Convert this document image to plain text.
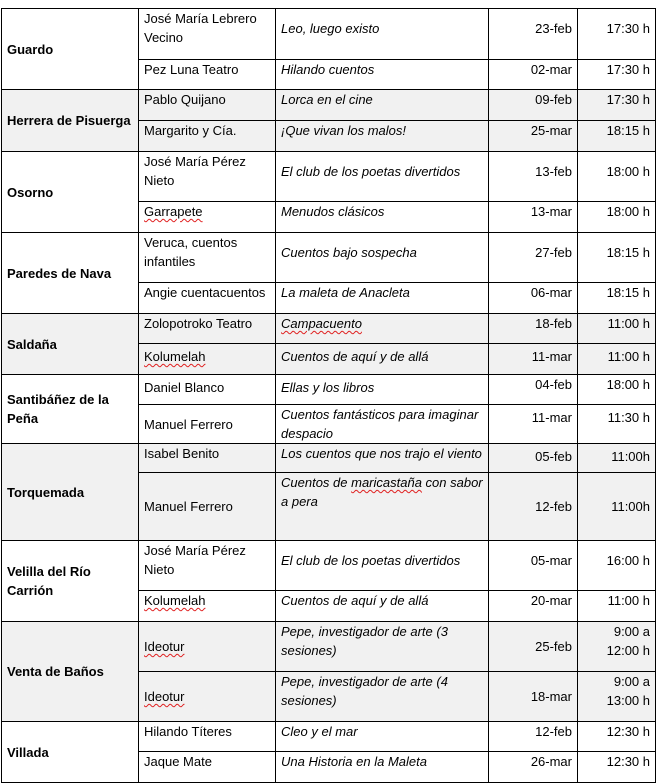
Guardo	José María Lebrero Vecino	Leo, luego existo	23-feb	17:30 h
	Pez Luna Teatro	Hilando cuentos	02-mar	17:30 h
Herrera de Pisuerga	Pablo Quijano	Lorca en el cine	09-feb	17:30 h
	Margarito y Cía.	¡Que vivan los malos!	25-mar	18:15 h
Osorno	José María Pérez Nieto	El club de los poetas divertidos	13-feb	18:00 h
	Garrapete	Menudos clásicos	13-mar	18:00 h
Paredes de Nava	Veruca, cuentos infantiles	Cuentos bajo sospecha	27-feb	18:15 h
	Angie cuentacuentos	La maleta de Anacleta	06-mar	18:15 h
Saldaña	Zolopotroko Teatro	Campacuento	18-feb	11:00 h
	Kolumelah	Cuentos de aquí y de allá	11-mar	11:00 h
Santibáñez de la Peña	Daniel Blanco	Ellas y los libros	04-feb	18:00 h
	Manuel Ferrero	Cuentos fantásticos para imaginar despacio	11-mar	11:30 h
Torquemada	Isabel Benito	Los cuentos que nos trajo el viento	05-feb	11:00h
	Manuel Ferrero	Cuentos de maricastaña con sabor a pera	12-feb	11:00h
Velilla del Río Carrión	José María Pérez Nieto	El club de los poetas divertidos	05-mar	16:00 h
	Kolumelah	Cuentos de aquí y de allá	20-mar	11:00 h
Venta de Baños	Ideotur	Pepe, investigador de arte (3 sesiones)	25-feb	9:00 a
12:00 h
	Ideotur	Pepe, investigador de arte (4 sesiones)	18-mar	9:00 a
13:00 h
Villada	Hilando Títeres	Cleo y el mar	12-feb	12:30 h
	Jaque Mate	Una Historia en la Maleta	26-mar	12:30 h
